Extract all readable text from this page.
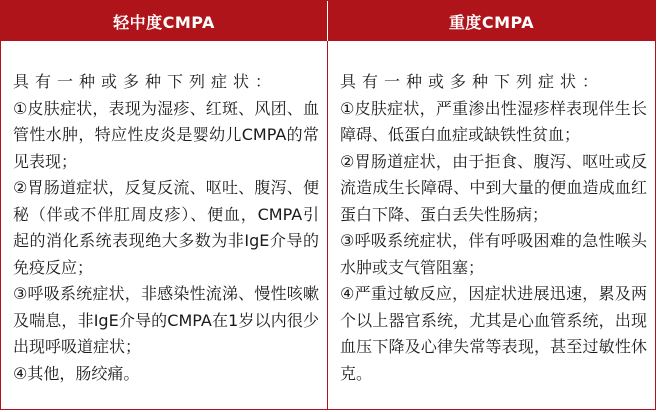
轻中度CMPA	重度CMPA

具有一种或多种下列症状：

①皮肤症状，表现为湿疹、红斑、风团、血管性水肿，特应性皮炎是婴幼儿CMPA的常见表现；

②胃肠道症状，反复反流、呕吐、腹泻、便秘（伴或不伴肛周皮疹）、便血，CMPA引起的消化系统表现绝大多数为非IgE介导的免疫反应；

③呼吸系统症状，非感染性流涕、慢性咳嗽及喘息，非IgE介导的CMPA在1岁以内很少出现呼吸道症状；

④其他，肠绞痛。

具有一种或多种下列症状：

①皮肤症状，严重渗出性湿疹样表现伴生长障碍、低蛋白血症或缺铁性贫血；

②胃肠道症状，由于拒食、腹泻、呕吐或反流造成生长障碍、中到大量的便血造成血红蛋白下降、蛋白丢失性肠病；

③呼吸系统症状，伴有呼吸困难的急性喉头水肿或支气管阻塞；

④严重过敏反应，因症状进展迅速，累及两个以上器官系统，尤其是心血管系统，出现血压下降及心律失常等表现，甚至过敏性休克。
